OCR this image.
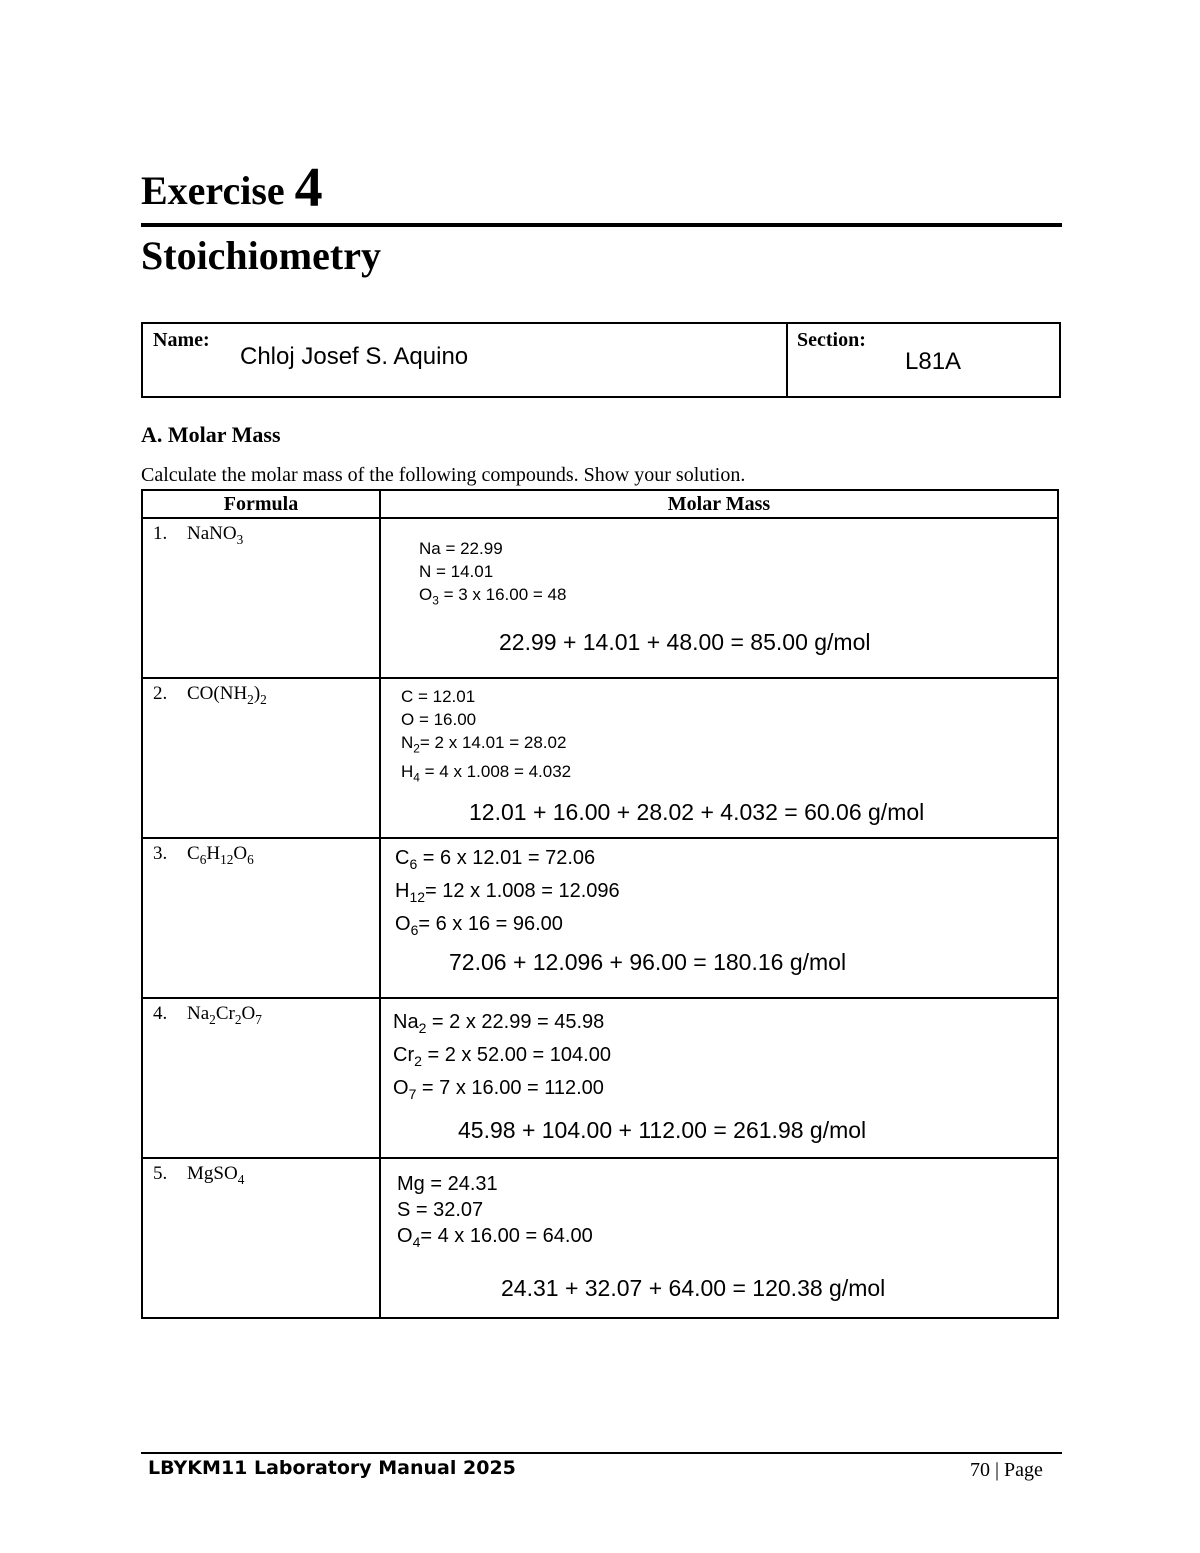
Exercise 4
Stoichiometry
Name:
Chloj Josef S. Aquino
Section:
L81A
A. Molar Mass
Calculate the molar mass of the following compounds. Show your solution.
Formula	Molar Mass
1. NaNO$_3$	Na = 22.99
N = 14.01
$O_3 = 3$ x 16.00 = 48
22.99 + 14.01 + 48.00 = 85.00 g/mol

2. $CO(NH_2)_2$	C = 12.01
O = 16.00
$N_2= 2$ x 14.01 = 28.02
$H_4 = 4$ x 1.008 = 4.032
12.01 + 16.00 + 28.02 + 4.032 = 60.06 g/mol

3. $C_6H_{12}O_6$	$C_6 = 6$ x 12.01 = 72.06
$H_{12}= 12$ x 1.008 = 12.096
$O_6= 6$ x 16 = 96.00
72.06 + 12.096 + 96.00 = 180.16 g/mol

4. $Na_2Cr_2O_7$	$Na_2 = 2$ x 22.99 = 45.98
$Cr_2 = 2$ x 52.00 = 104.00
$O_7 = 7$ x 16.00 = 112.00
45.98 + 104.00 + 112.00 = 261.98 g/mol

5. MgSO$_4$	Mg = 24.31
S = 32.07
$O_4= 4$ x 16.00 = 64.00
24.31 + 32.07 + 64.00 = 120.38 g/mol
LBYKM11 Laboratory Manual 2025	70 | Page
